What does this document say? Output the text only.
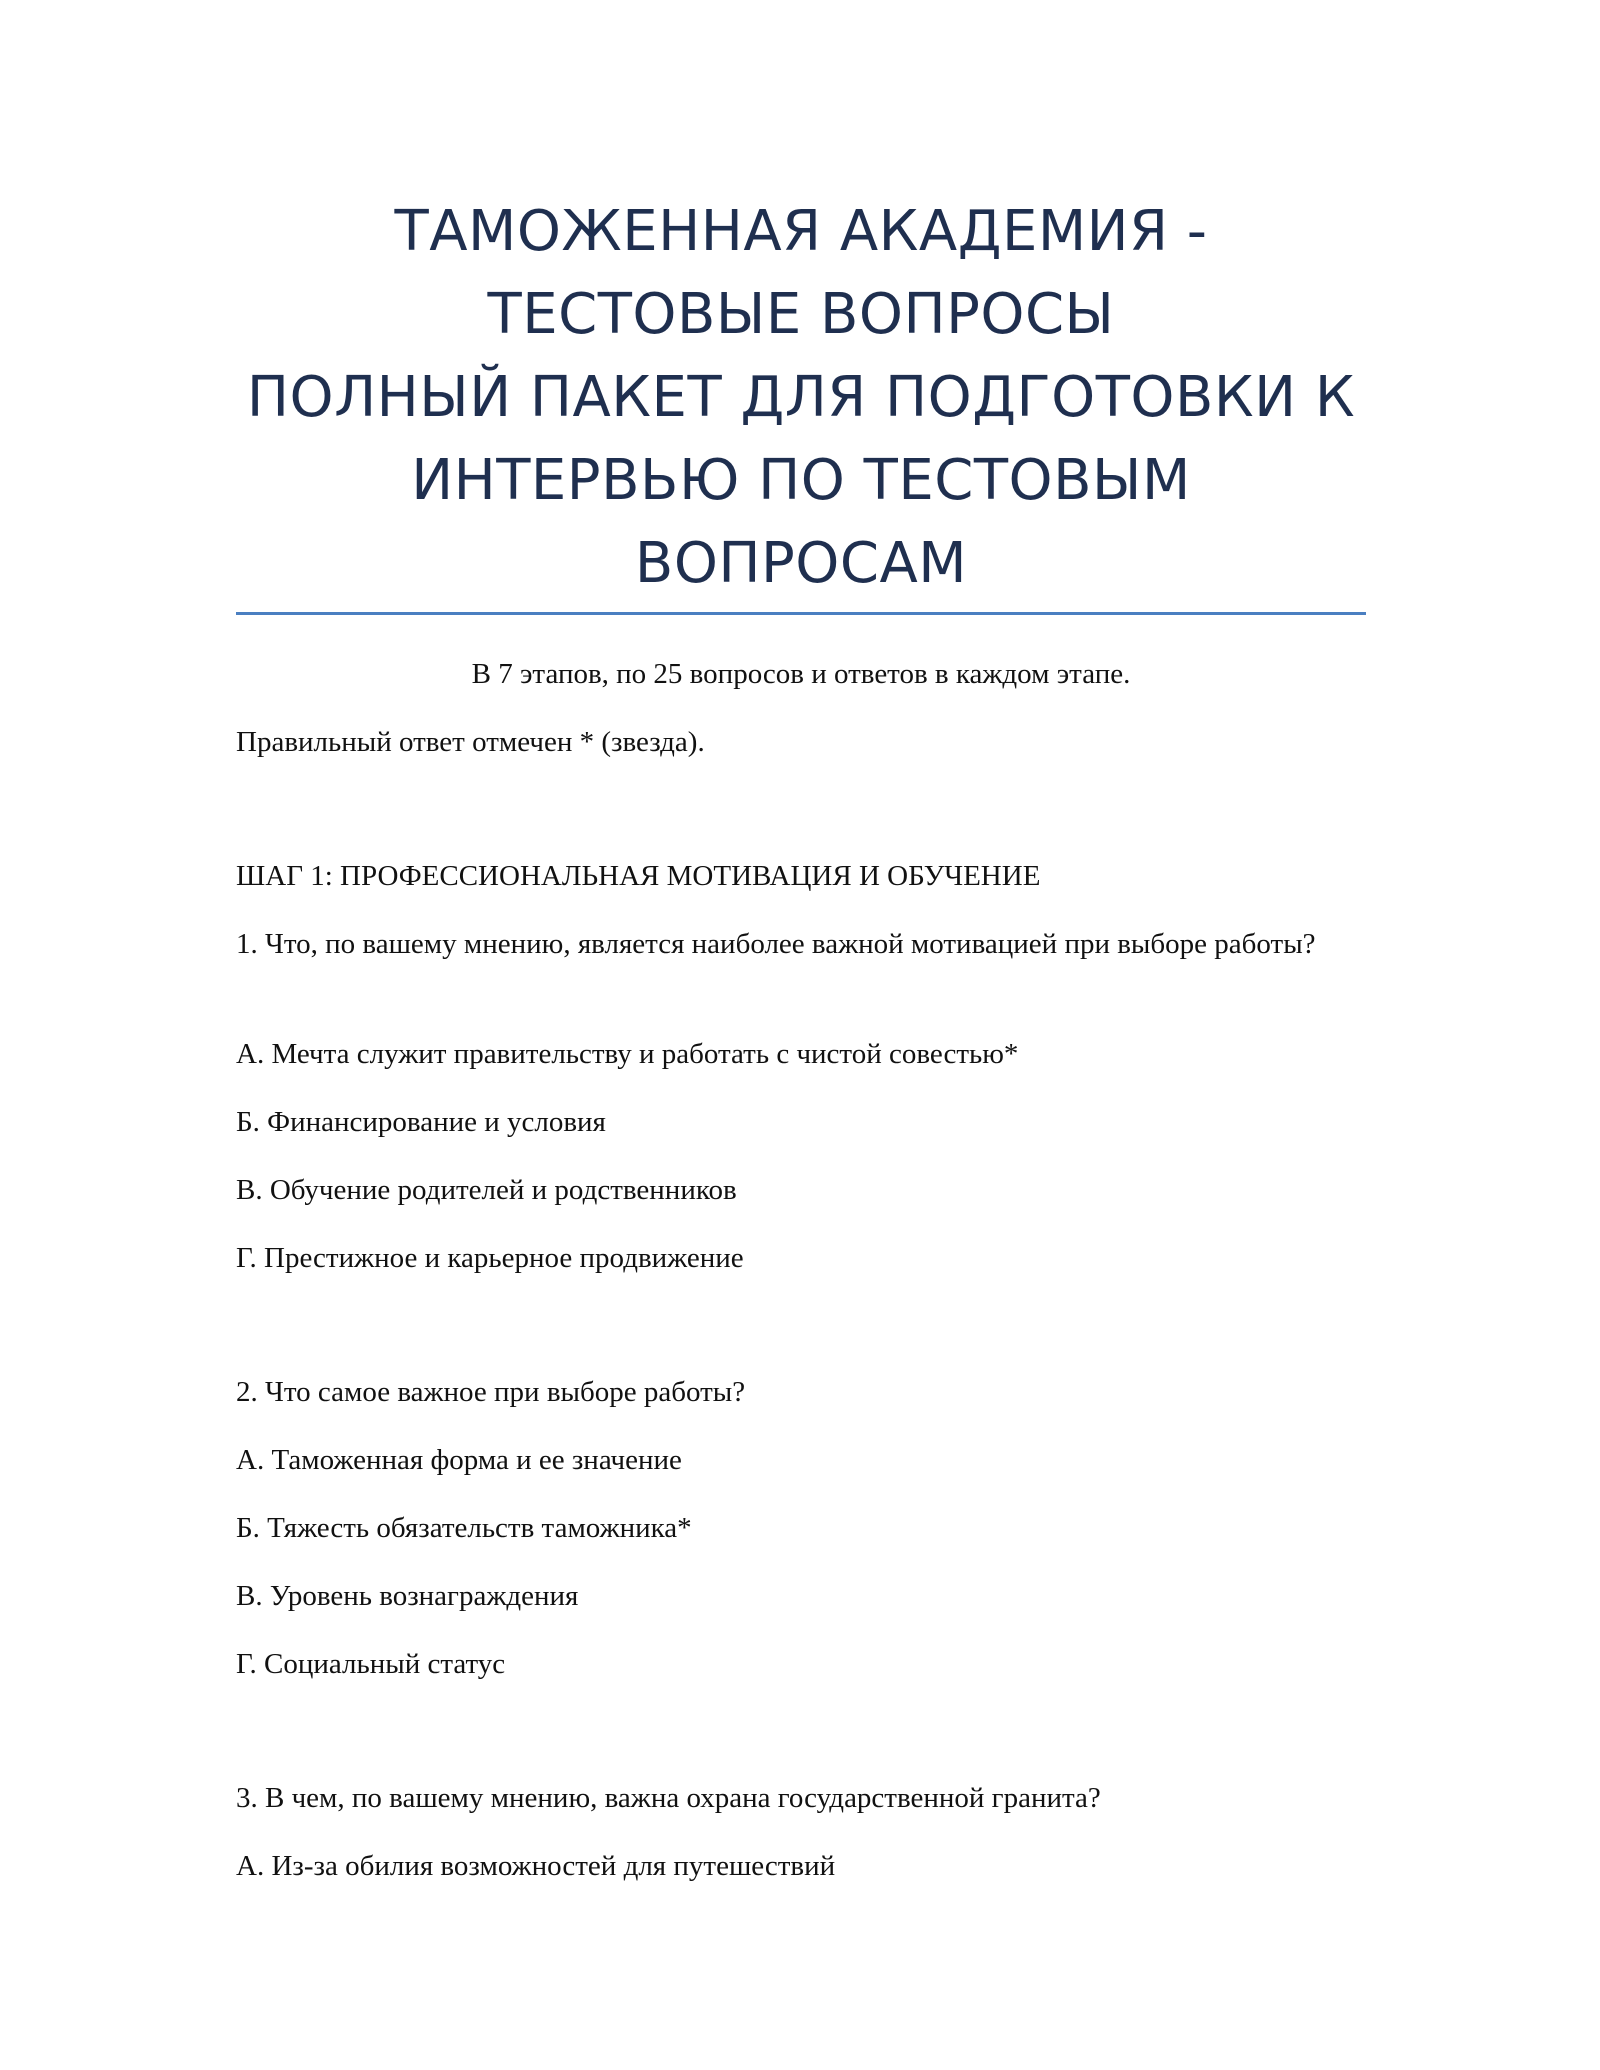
ТАМОЖЕННАЯ АКАДЕМИЯ -
ТЕСТОВЫЕ ВОПРОСЫ
ПОЛНЫЙ ПАКЕТ ДЛЯ ПОДГОТОВКИ К
ИНТЕРВЬЮ ПО ТЕСТОВЫМ
ВОПРОСАМ
В 7 этапов, по 25 вопросов и ответов в каждом этапе.
Правильный ответ отмечен * (звезда).
ШАГ 1: ПРОФЕССИОНАЛЬНАЯ МОТИВАЦИЯ И ОБУЧЕНИЕ
1. Что, по вашему мнению, является наиболее важной мотивацией при выборе работы?
А. Мечта служит правительству и работать с чистой совестью*
Б. Финансирование и условия
В. Обучение родителей и родственников
Г. Престижное и карьерное продвижение
2. Что самое важное при выборе работы?
А. Таможенная форма и ее значение
Б. Тяжесть обязательств таможника*
В. Уровень вознаграждения
Г. Социальный статус
3. В чем, по вашему мнению, важна охрана государственной гранита?
А. Из-за обилия возможностей для путешествий
